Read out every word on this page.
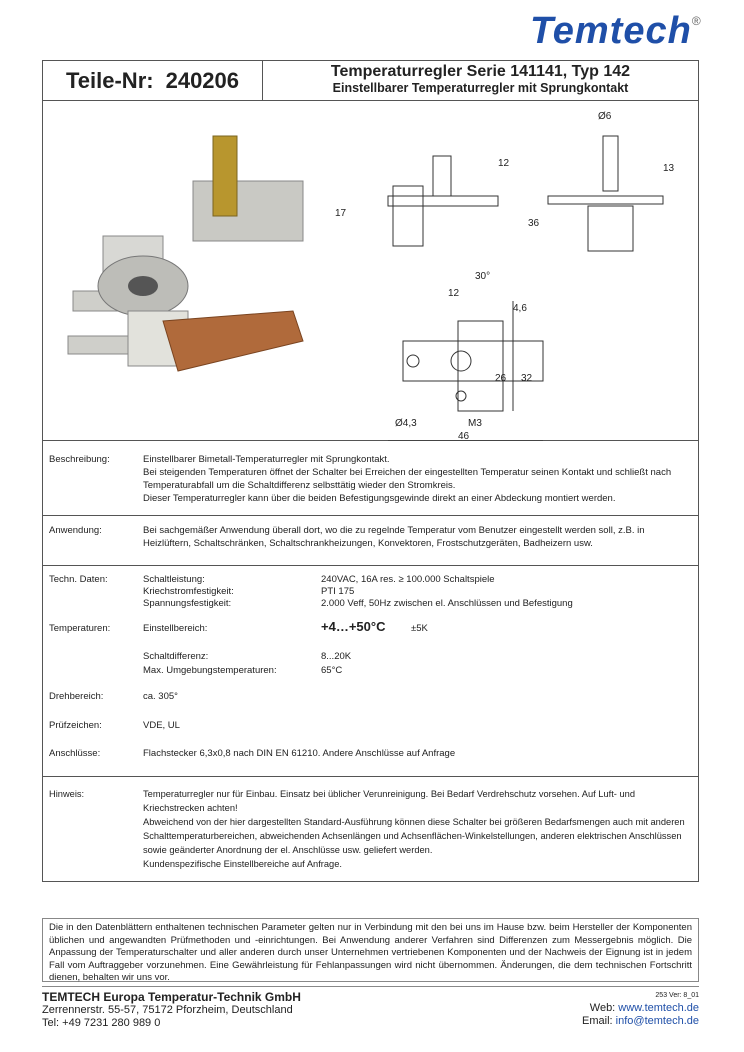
Temtech®
Teile-Nr: 240206	Temperaturregler Serie 141141, Typ 142
Einstellbarer Temperaturregler mit Sprungkontakt
Ø6
12	13
36
17
30°
12
4,6
26 32
Ø4,3	M3
46
Beschreibung:	Einstellbarer Bimetall-Temperaturregler mit Sprungkontakt.
Bei steigenden Temperaturen öffnet der Schalter bei Erreichen der eingestellten Temperatur seinen Kontakt und schließt nach Temperaturabfall um die Schaltdifferenz selbsttätig wieder den Stromkreis.
Dieser Temperaturregler kann über die beiden Befestigungsgewinde direkt an einer Abdeckung montiert werden.
Anwendung:	Bei sachgemäßer Anwendung überall dort, wo die zu regelnde Temperatur vom Benutzer eingestellt werden soll, z.B. in Heizlüftern, Schaltschränken, Schaltschrankheizungen, Konvektoren, Frostschutzgeräten, Badheizern usw.
Techn. Daten:	Schaltleistung:	240VAC, 16A res. ≥ 100.000 Schaltspiele
Kriechstromfestigkeit:	PTI 175
Spannungsfestigkeit:	2.000 Veff, 50Hz zwischen el. Anschlüssen und Befestigung
Temperaturen:	Einstellbereich:	+4…+50°C	±5K
Schaltdifferenz:	8...20K
Max. Umgebungstemperaturen:	65°C
Drehbereich:	ca. 305°
Prüfzeichen:	VDE, UL
Anschlüsse:	Flachstecker 6,3x0,8 nach DIN EN 61210. Andere Anschlüsse auf Anfrage
Hinweis:	Temperaturregler nur für Einbau. Einsatz bei üblicher Verunreinigung. Bei Bedarf Verdrehschutz vorsehen. Auf Luft- und Kriechstrecken achten!
Abweichend von der hier dargestellten Standard-Ausführung können diese Schalter bei größeren Bedarfsmengen auch mit anderen Schalttemperaturbereichen, abweichenden Achsenlängen und Achsenflächen-Winkelstellungen, anderen elektrischen Anschlüssen sowie geänderter Anordnung der el. Anschlüsse usw. geliefert werden.
Kundenspezifische Einstellbereiche auf Anfrage.
Die in den Datenblättern enthaltenen technischen Parameter gelten nur in Verbindung mit den bei uns im Hause bzw. beim Hersteller der Komponenten üblichen und angewandten Prüfmethoden und -einrichtungen. Bei Anwendung anderer Verfahren sind Differenzen zum Messergebnis möglich. Die Anpassung der Temperaturschalter und aller anderen durch unser Unternehmen vertriebenen Komponenten und der Nachweis der Eignung ist in jedem Fall vom Auftraggeber vorzunehmen. Eine Gewährleistung für Fehlanpassungen wird nicht übernommen. Änderungen, die dem technischen Fortschritt dienen, behalten wir uns vor.
TEMTECH Europa Temperatur-Technik GmbH
Zerrennerstr. 55-57, 75172 Pforzheim, Deutschland
Tel: +49 7231 280 989 0
253 Ver: 8_01
Web: www.temtech.de
Email: info@temtech.de
